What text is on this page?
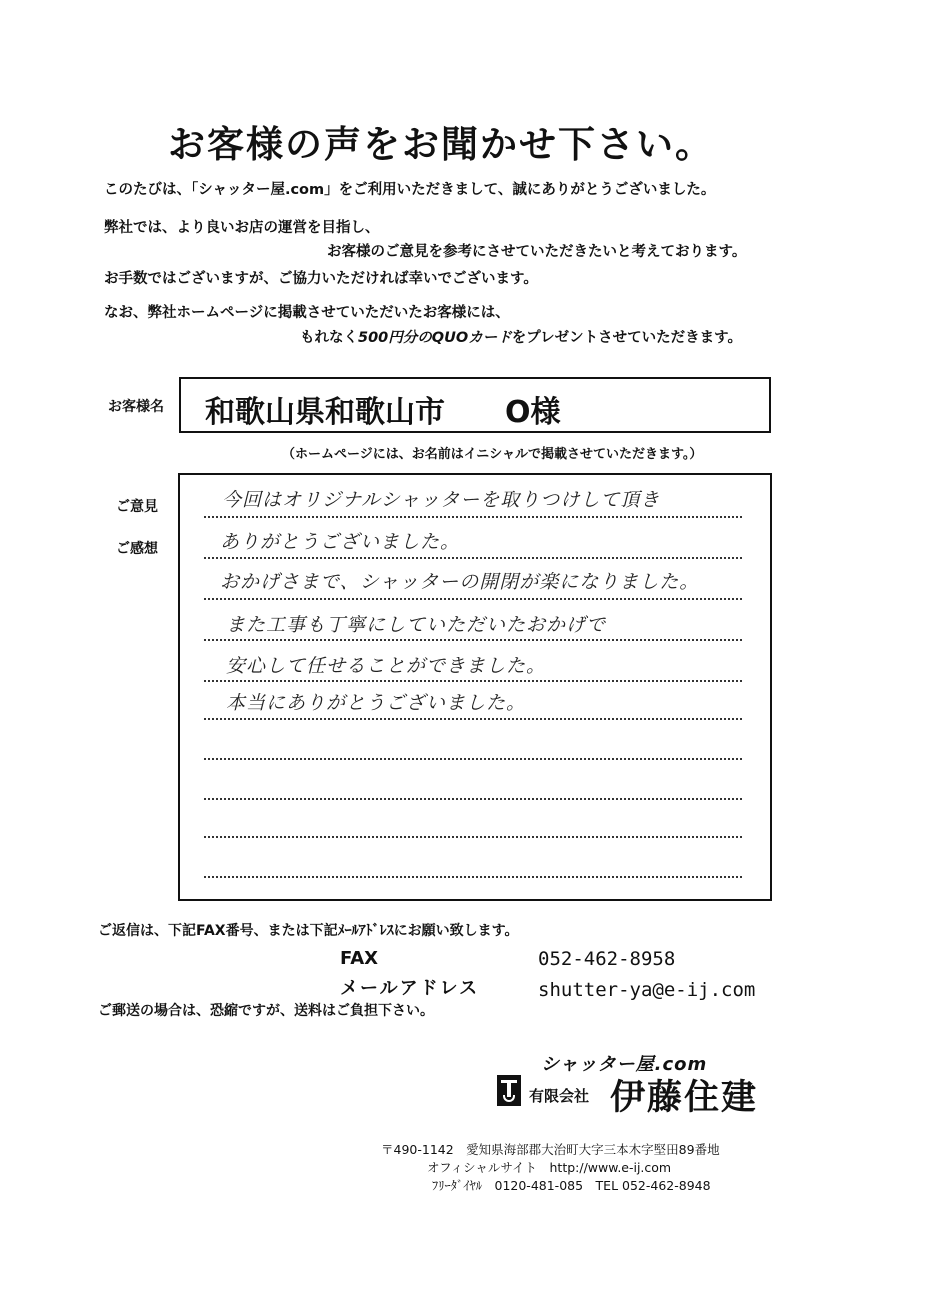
お客様の声をお聞かせ下さい。
このたびは、「シャッター屋.com」をご利用いただきまして、誠にありがとうございました。
弊社では、より良いお店の運営を目指し、
お客様のご意見を参考にさせていただきたいと考えております。
お手数ではございますが、ご協力いただければ幸いでございます。
なお、弊社ホームページに掲載させていただいたお客様には、
もれなく500円分のQUOカードをプレゼントさせていただきます。
お客様名 和歌山県和歌山市　　O様
（ホームページには、お名前はイニシャルで掲載させていただきます。）
ご意見
ご感想
今回はオリジナルシャッターを取りつけして頂き
ありがとうございました。
おかげさまで、シャッターの開閉が楽になりました。
また工事も丁寧にしていただいたおかげで
安心して任せることができました。
本当にありがとうございました。
ご返信は、下記FAX番号、または下記ﾒｰﾙｱﾄﾞﾚｽにお願い致します。
FAX	052-462-8958
メールアドレス	shutter-ya@e-ij.com
ご郵送の場合は、恐縮ですが、送料はご負担下さい。
シャッター屋.com
有限会社 伊藤住建
〒490-1142　愛知県海部郡大治町大字三本木字堅田89番地
オフィシャルサイト　http://www.e-ij.com
ﾌﾘｰﾀﾞｲﾔﾙ　0120-481-085　TEL 052-462-8948
